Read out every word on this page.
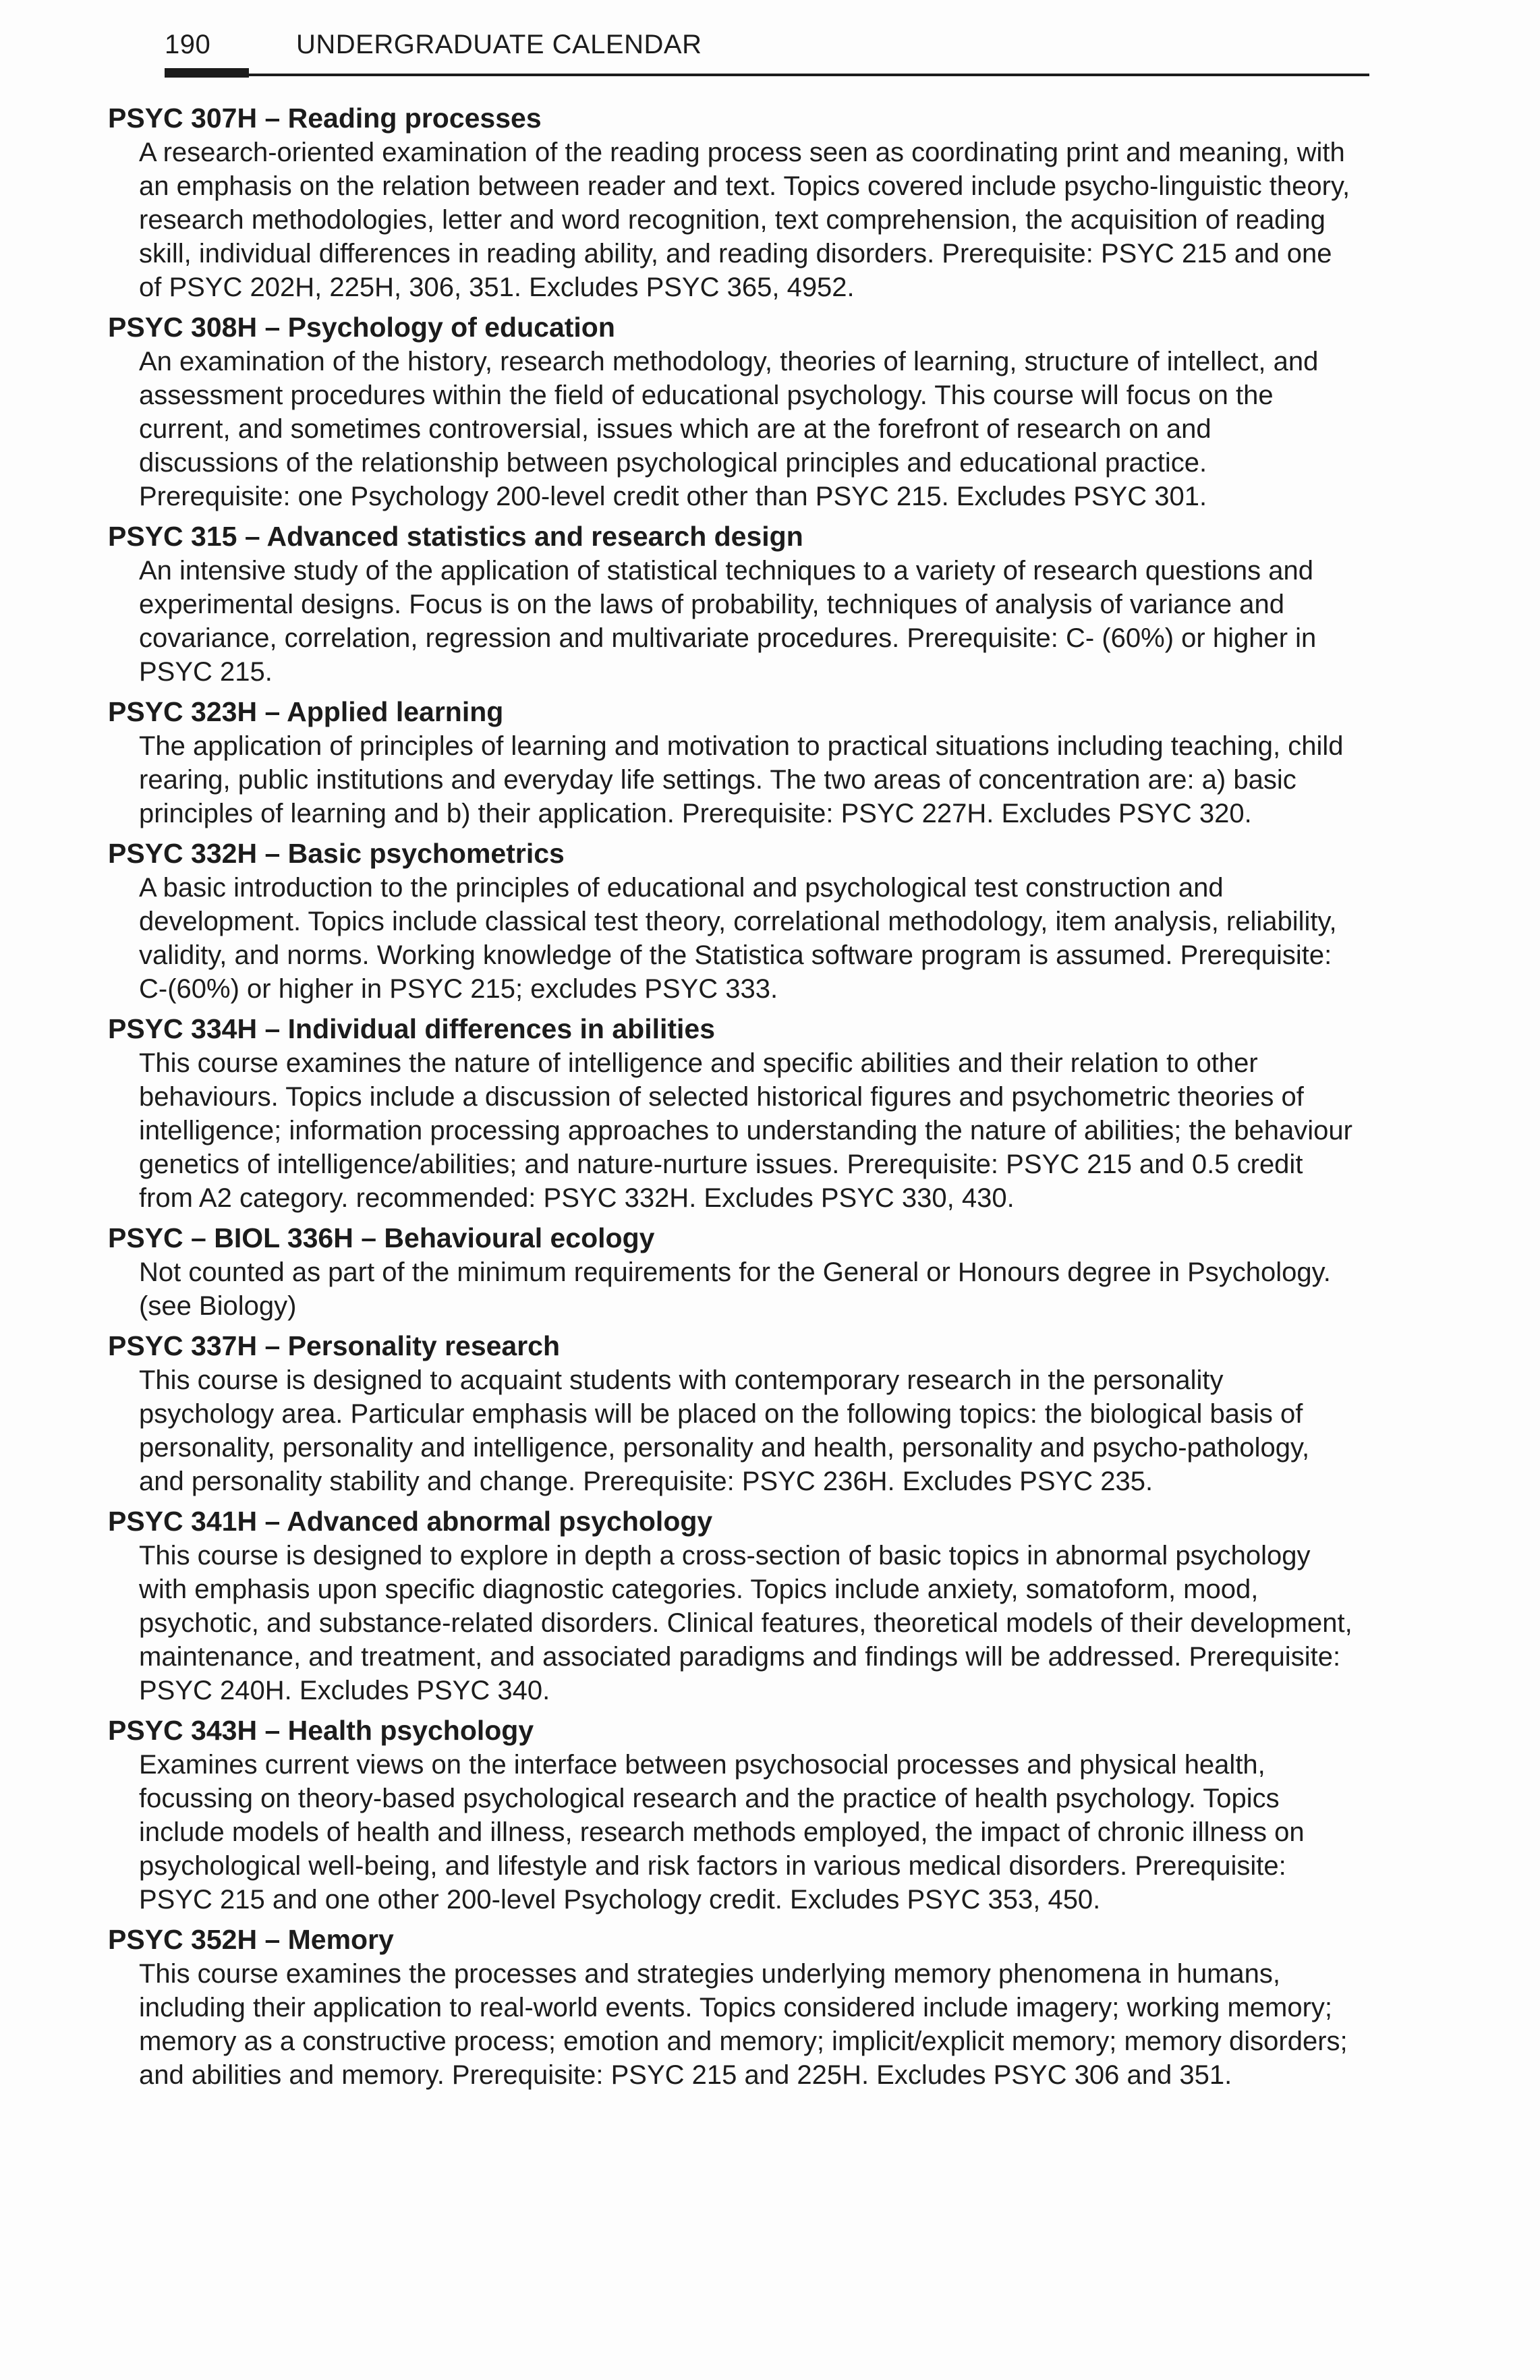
190	UNDERGRADUATE CALENDAR

PSYC 307H – Reading processes

A research-oriented examination of the reading process seen as coordinating print and meaning, with an emphasis on the relation between reader and text. Topics covered include psycho-linguistic theory, research methodologies, letter and word recognition, text comprehension, the acquisition of reading skill, individual differences in reading ability, and reading disorders. Prerequisite: PSYC 215 and one of PSYC 202H, 225H, 306, 351. Excludes PSYC 365, 4952.

PSYC 308H – Psychology of education

An examination of the history, research methodology, theories of learning, structure of intellect, and assessment procedures within the field of educational psychology. This course will focus on the current, and sometimes controversial, issues which are at the forefront of research on and discussions of the relationship between psychological principles and educational practice. Prerequisite: one Psychology 200-level credit other than PSYC 215. Excludes PSYC 301.

PSYC 315 – Advanced statistics and research design

An intensive study of the application of statistical techniques to a variety of research questions and experimental designs. Focus is on the laws of probability, techniques of analysis of variance and covariance, correlation, regression and multivariate procedures. Prerequisite: C- (60%) or higher in PSYC 215.

PSYC 323H – Applied learning

The application of principles of learning and motivation to practical situations including teaching, child rearing, public institutions and everyday life settings. The two areas of concentration are: a) basic principles of learning and b) their application. Prerequisite: PSYC 227H. Excludes PSYC 320.

PSYC 332H – Basic psychometrics

A basic introduction to the principles of educational and psychological test construction and development. Topics include classical test theory, correlational methodology, item analysis, reliability, validity, and norms. Working knowledge of the Statistica software program is assumed. Prerequisite: C-(60%) or higher in PSYC 215; excludes PSYC 333.

PSYC 334H – Individual differences in abilities

This course examines the nature of intelligence and specific abilities and their relation to other behaviours. Topics include a discussion of selected historical figures and psychometric theories of intelligence; information processing approaches to understanding the nature of abilities; the behaviour genetics of intelligence/abilities; and nature-nurture issues. Prerequisite: PSYC 215 and 0.5 credit from A2 category. recommended: PSYC 332H. Excludes PSYC 330, 430.

PSYC – BIOL 336H – Behavioural ecology

Not counted as part of the minimum requirements for the General or Honours degree in Psychology. (see Biology)

PSYC 337H – Personality research

This course is designed to acquaint students with contemporary research in the personality psychology area. Particular emphasis will be placed on the following topics: the biological basis of personality, personality and intelligence, personality and health, personality and psycho-pathology, and personality stability and change. Prerequisite: PSYC 236H. Excludes PSYC 235.

PSYC 341H – Advanced abnormal psychology

This course is designed to explore in depth a cross-section of basic topics in abnormal psychology with emphasis upon specific diagnostic categories. Topics include anxiety, somatoform, mood, psychotic, and substance-related disorders. Clinical features, theoretical models of their development, maintenance, and treatment, and associated paradigms and findings will be addressed. Prerequisite: PSYC 240H. Excludes PSYC 340.

PSYC 343H – Health psychology

Examines current views on the interface between psychosocial processes and physical health, focussing on theory-based psychological research and the practice of health psychology. Topics include models of health and illness, research methods employed, the impact of chronic illness on psychological well-being, and lifestyle and risk factors in various medical disorders. Prerequisite: PSYC 215 and one other 200-level Psychology credit. Excludes PSYC 353, 450.

PSYC 352H – Memory

This course examines the processes and strategies underlying memory phenomena in humans, including their application to real-world events. Topics considered include imagery; working memory; memory as a constructive process; emotion and memory; implicit/explicit memory; memory disorders; and abilities and memory. Prerequisite: PSYC 215 and 225H. Excludes PSYC 306 and 351.
